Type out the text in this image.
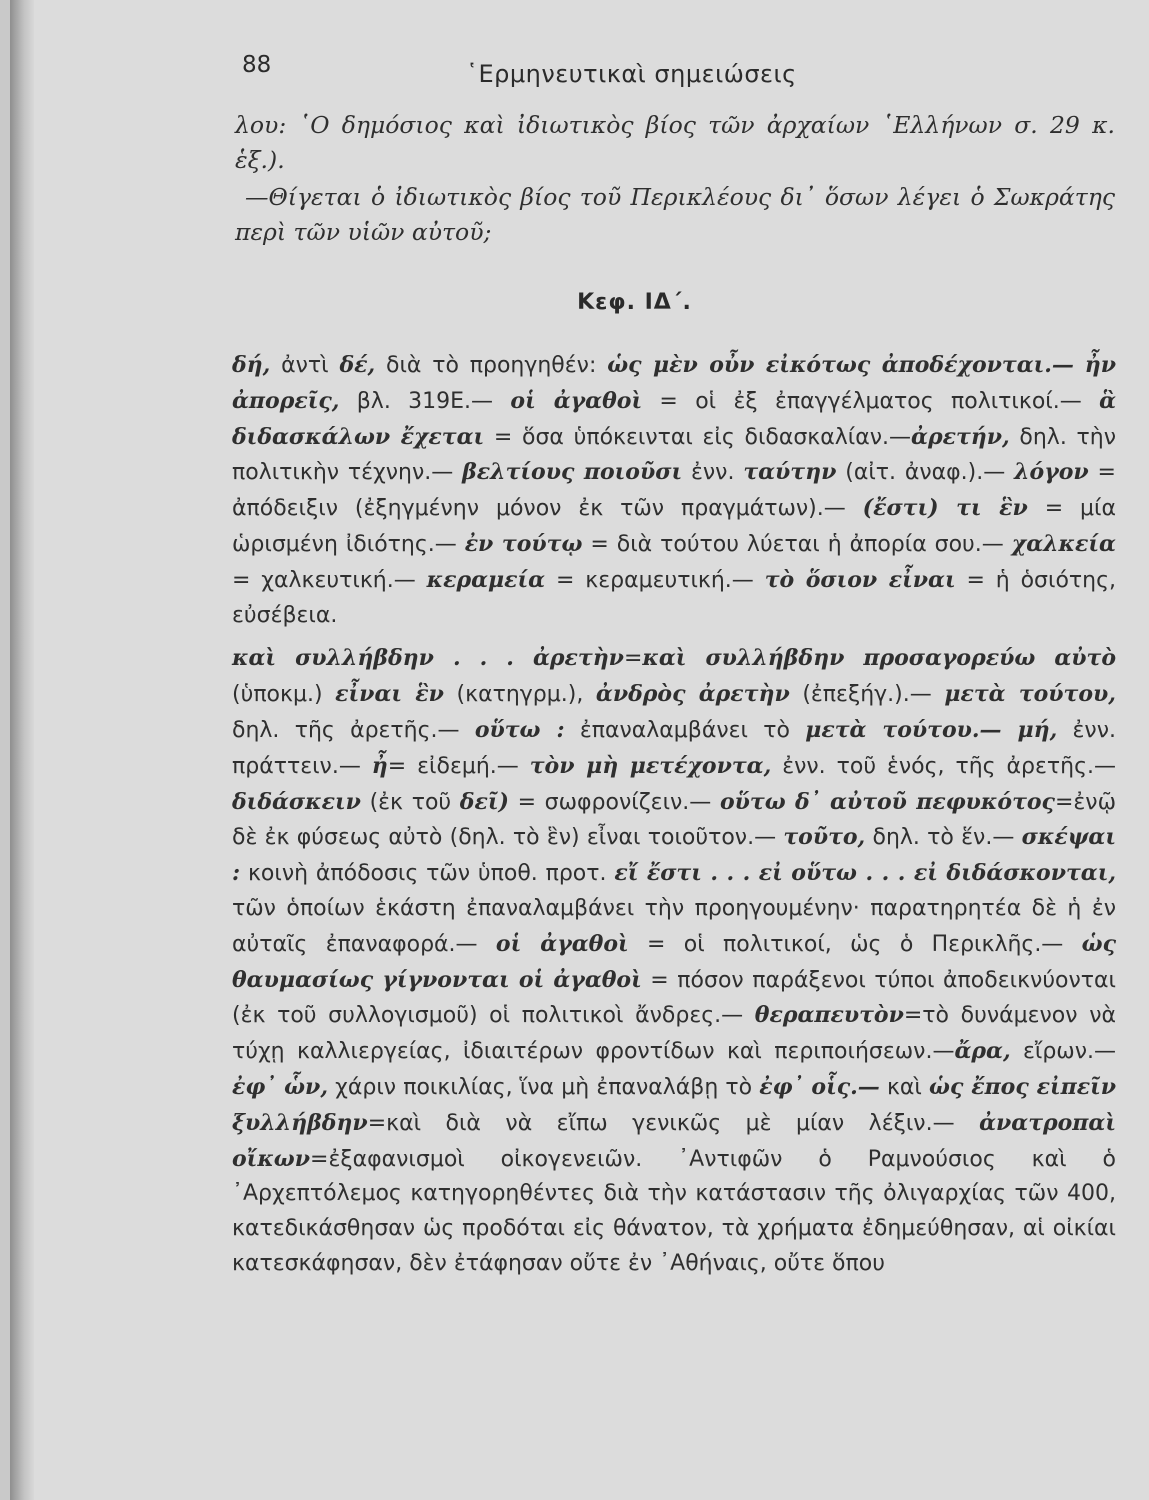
88	῾Ερμηνευτικαὶ σημειώσεις

λου: ῾Ο δημόσιος καὶ ἰδιωτικὸς βίος τῶν ἀρχαίων ῾Ελλήνων σ. 29 κ. ἑξ.).

—Θίγεται ὁ ἰδιωτικὸς βίος τοῦ Περικλέους δι᾽ ὅσων λέγει ὁ Σωκράτης περὶ τῶν υἱῶν αὐτοῦ;

Κεφ. ΙΔ΄.

δή, ἀντὶ δέ, διὰ τὸ προηγηθέν: ὡς μὲν οὖν εἰκότως ἀποδέχονται.— ἦν ἀπορεῖς, βλ. 319Ε.— οἱ ἀγαθοὶ = οἱ ἐξ ἐπαγγέλματος πολιτικοί.— ἃ διδασκάλων ἔχεται = ὅσα ὑπόκεινται εἰς διδασκαλίαν.—ἀρετήν, δηλ. τὴν πολιτικὴν τέχνην.— βελτίους ποιοῦσι ἐνν. ταύτην (αἰτ. ἀναφ.).— λόγον = ἀπόδειξιν (ἐξηγμένην μόνον ἐκ τῶν πραγμάτων).— (ἔστι) τι ἓν = μία ὡρισμένη ἰδιότης.— ἐν τούτῳ = διὰ τούτου λύεται ἡ ἀπορία σου.— χαλκεία = χαλκευτική.— κεραμεία = κεραμευτική.— τὸ ὅσιον εἶναι = ἡ ὁσιότης, εὐσέβεια.

καὶ συλλήβδην . . . ἀρετὴν=καὶ συλλήβδην προσαγορεύω αὐτὸ (ὑποκμ.) εἶναι ἓν (κατηγρμ.), ἀνδρὸς ἀρετὴν (ἐπεξήγ.).— μετὰ τούτου, δηλ. τῆς ἀρετῆς.— οὕτω : ἐπαναλαμβάνει τὸ μετὰ τούτου.— μή, ἐνν. πράττειν.— ἦ= εἰδεμή.— τὸν μὴ μετέχοντα, ἐνν. τοῦ ἑνός, τῆς ἀρετῆς.— διδάσκειν (ἐκ τοῦ δεῖ) = σωφρονίζειν.— οὕτω δ᾽ αὐτοῦ πεφυκότος=ἐνῷ δὲ ἐκ φύσεως αὐτὸ (δηλ. τὸ ἓν) εἶναι τοιοῦτον.— τοῦτο, δηλ. τὸ ἕν.— σκέψαι : κοινὴ ἀπόδοσις τῶν ὑποθ. προτ. εἴ ἔστι . . . εἰ οὕτω . . . εἰ διδάσκονται, τῶν ὁποίων ἑκάστη ἐπαναλαμβάνει τὴν προηγουμένην· παρατηρητέα δὲ ἡ ἐν αὐταῖς ἐπαναφορά.— οἱ ἀγαθοὶ = οἱ πολιτικοί, ὡς ὁ Περικλῆς.— ὡς θαυμασίως γίγνονται οἱ ἀγαθοὶ = πόσον παράξενοι τύποι ἀποδεικνύονται (ἐκ τοῦ συλλογισμοῦ) οἱ πολιτικοὶ ἄνδρες.— θεραπευτὸν=τὸ δυνάμενον νὰ τύχῃ καλλιεργείας, ἰδιαιτέρων φροντίδων καὶ περιποιήσεων.—ἄρα, εἴρων.—ἐφ᾽ ὧν, χάριν ποικιλίας, ἵνα μὴ ἐπαναλάβῃ τὸ ἐφ᾽ οἷς.— καὶ ὡς ἔπος εἰπεῖν ξυλλήβδην=καὶ διὰ νὰ εἴπω γενικῶς μὲ μίαν λέξιν.— ἀνατροπαὶ οἴκων=ἐξαφανισμοὶ οἰκογενειῶν. ᾽Αντιφῶν ὁ Ραμνούσιος καὶ ὁ ᾽Αρχεπτόλεμος κατηγορηθέντες διὰ τὴν κατάστασιν τῆς ὀλιγαρχίας τῶν 400, κατεδικάσθησαν ὡς προδόται εἰς θάνατον, τὰ χρήματα ἐδημεύθησαν, αἱ οἰκίαι κατεσκάφησαν, δὲν ἐτάφησαν οὔτε ἐν ᾽Αθήναις, οὔτε ὅπου
